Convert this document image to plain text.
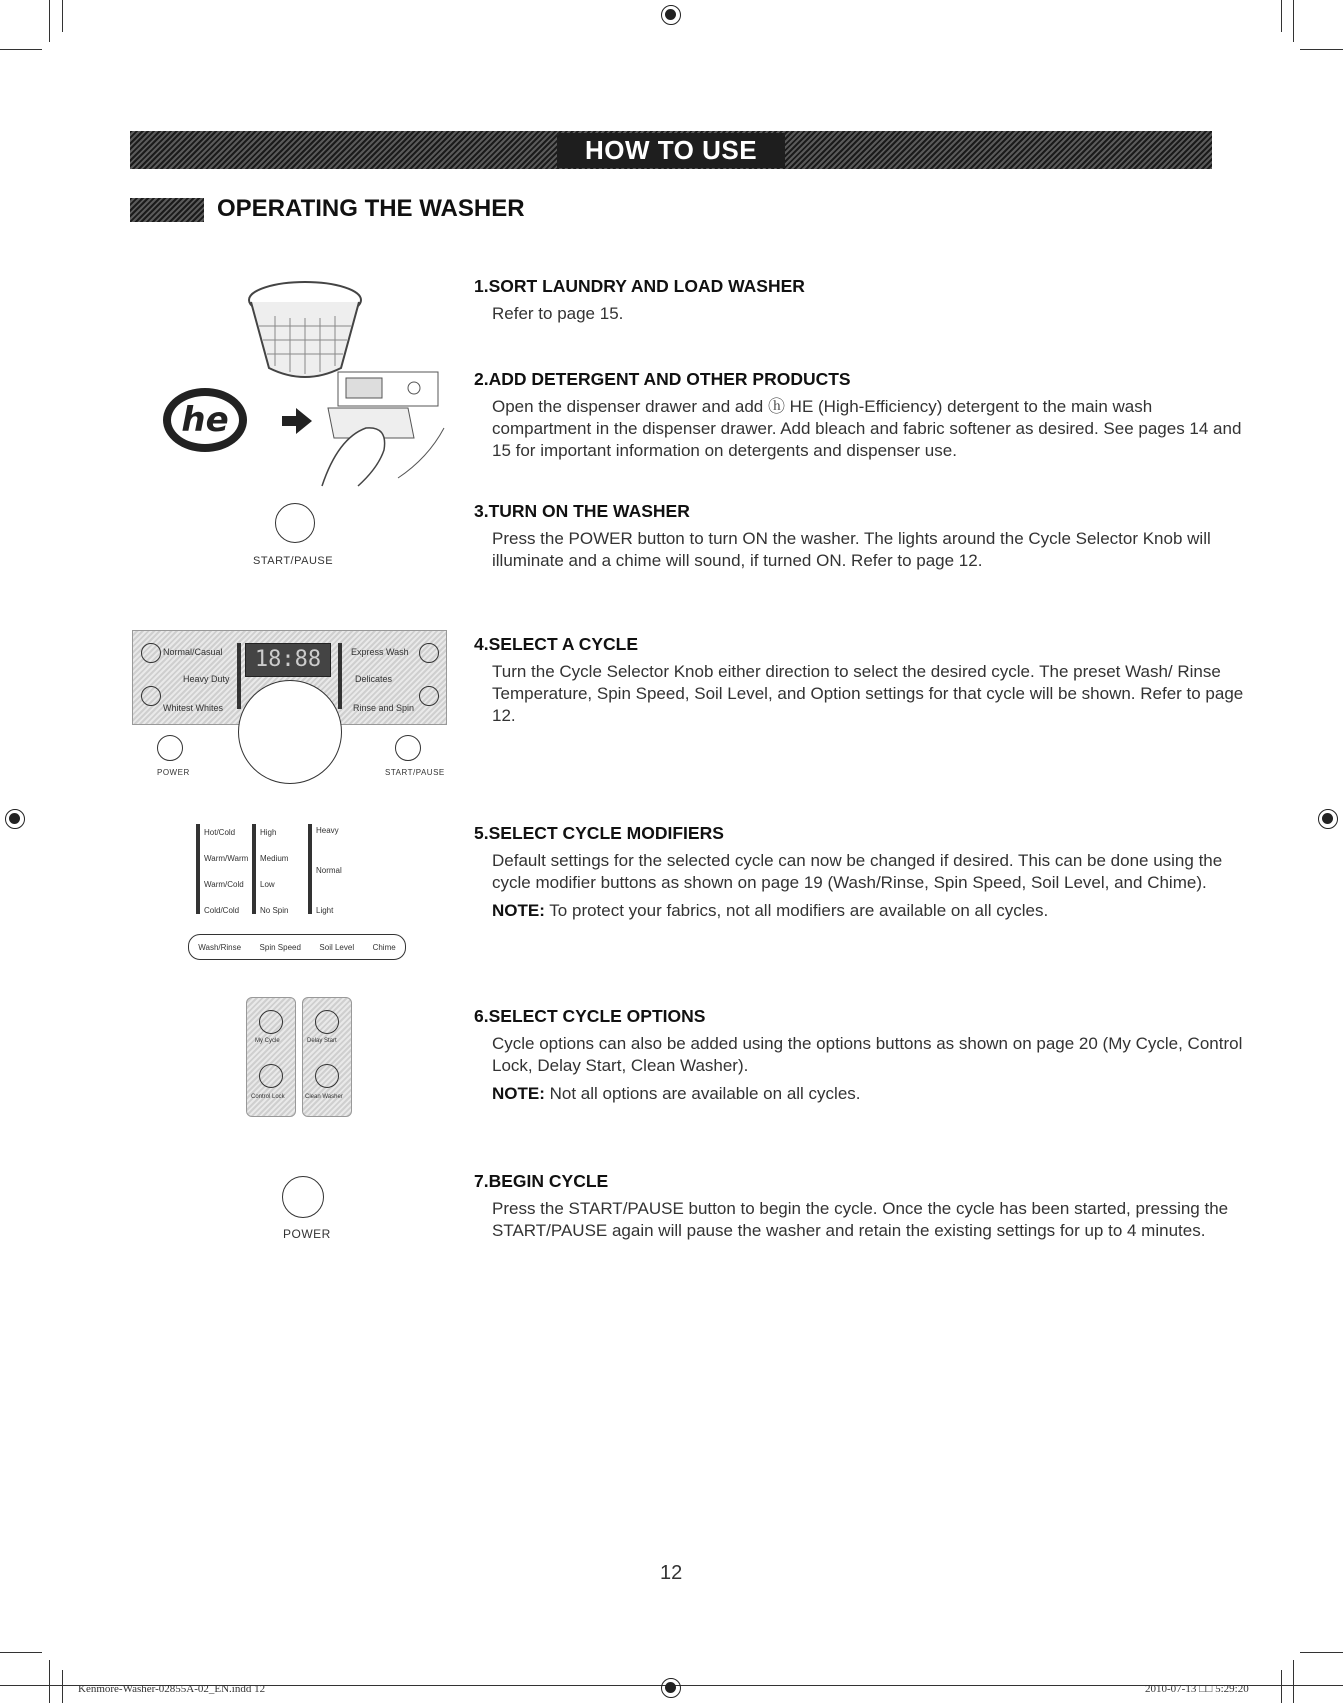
HOW TO USE
OPERATING THE WASHER
he
START/PAUSE
Normal/Casual
Heavy Duty
Whitest Whites
Express Wash
Delicates
Rinse and Spin
18:88
POWER	START/PAUSE
Hot/Cold
Warm/Warm
Warm/Cold
Cold/Cold
High
Medium
Low
No Spin
Heavy
Normal
Light
Wash/Rinse Spin Speed Soil Level Chime
My Cycle
Control Lock
Delay Start
Clean Washer
POWER
1.SORT LAUNDRY AND LOAD WASHER
Refer to page 15.
2.ADD DETERGENT AND OTHER PRODUCTS
Open the dispenser drawer and add ⓗ HE (High-Efficiency) detergent to the main wash compartment in the dispenser drawer. Add bleach and fabric softener as desired. See pages 14 and 15 for important information on detergents and dispenser use.
3.TURN ON THE WASHER
Press the POWER button to turn ON the washer. The lights around the Cycle Selector Knob will illuminate and a chime will sound, if turned ON. Refer to page 12.
4.SELECT A CYCLE
Turn the Cycle Selector Knob either direction to select the desired cycle. The preset Wash/ Rinse Temperature, Spin Speed, Soil Level, and Option settings for that cycle will be shown. Refer to page 12.
5.SELECT CYCLE MODIFIERS
Default settings for the selected cycle can now be changed if desired. This can be done using the cycle modifier buttons as shown on page 19 (Wash/Rinse, Spin Speed, Soil Level, and Chime).
NOTE: To protect your fabrics, not all modifiers are available on all cycles.
6.SELECT CYCLE OPTIONS
Cycle options can also be added using the options buttons as shown on page 20 (My Cycle, Control Lock, Delay Start, Clean Washer).
NOTE: Not all options are available on all cycles.
7.BEGIN CYCLE
Press the START/PAUSE button to begin the cycle. Once the cycle has been started, pressing the START/PAUSE again will pause the washer and retain the existing settings for up to 4 minutes.
12
Kenmore-Washer-02855A-02_EN.indd 12	2010-07-13 □□ 5:29:20
